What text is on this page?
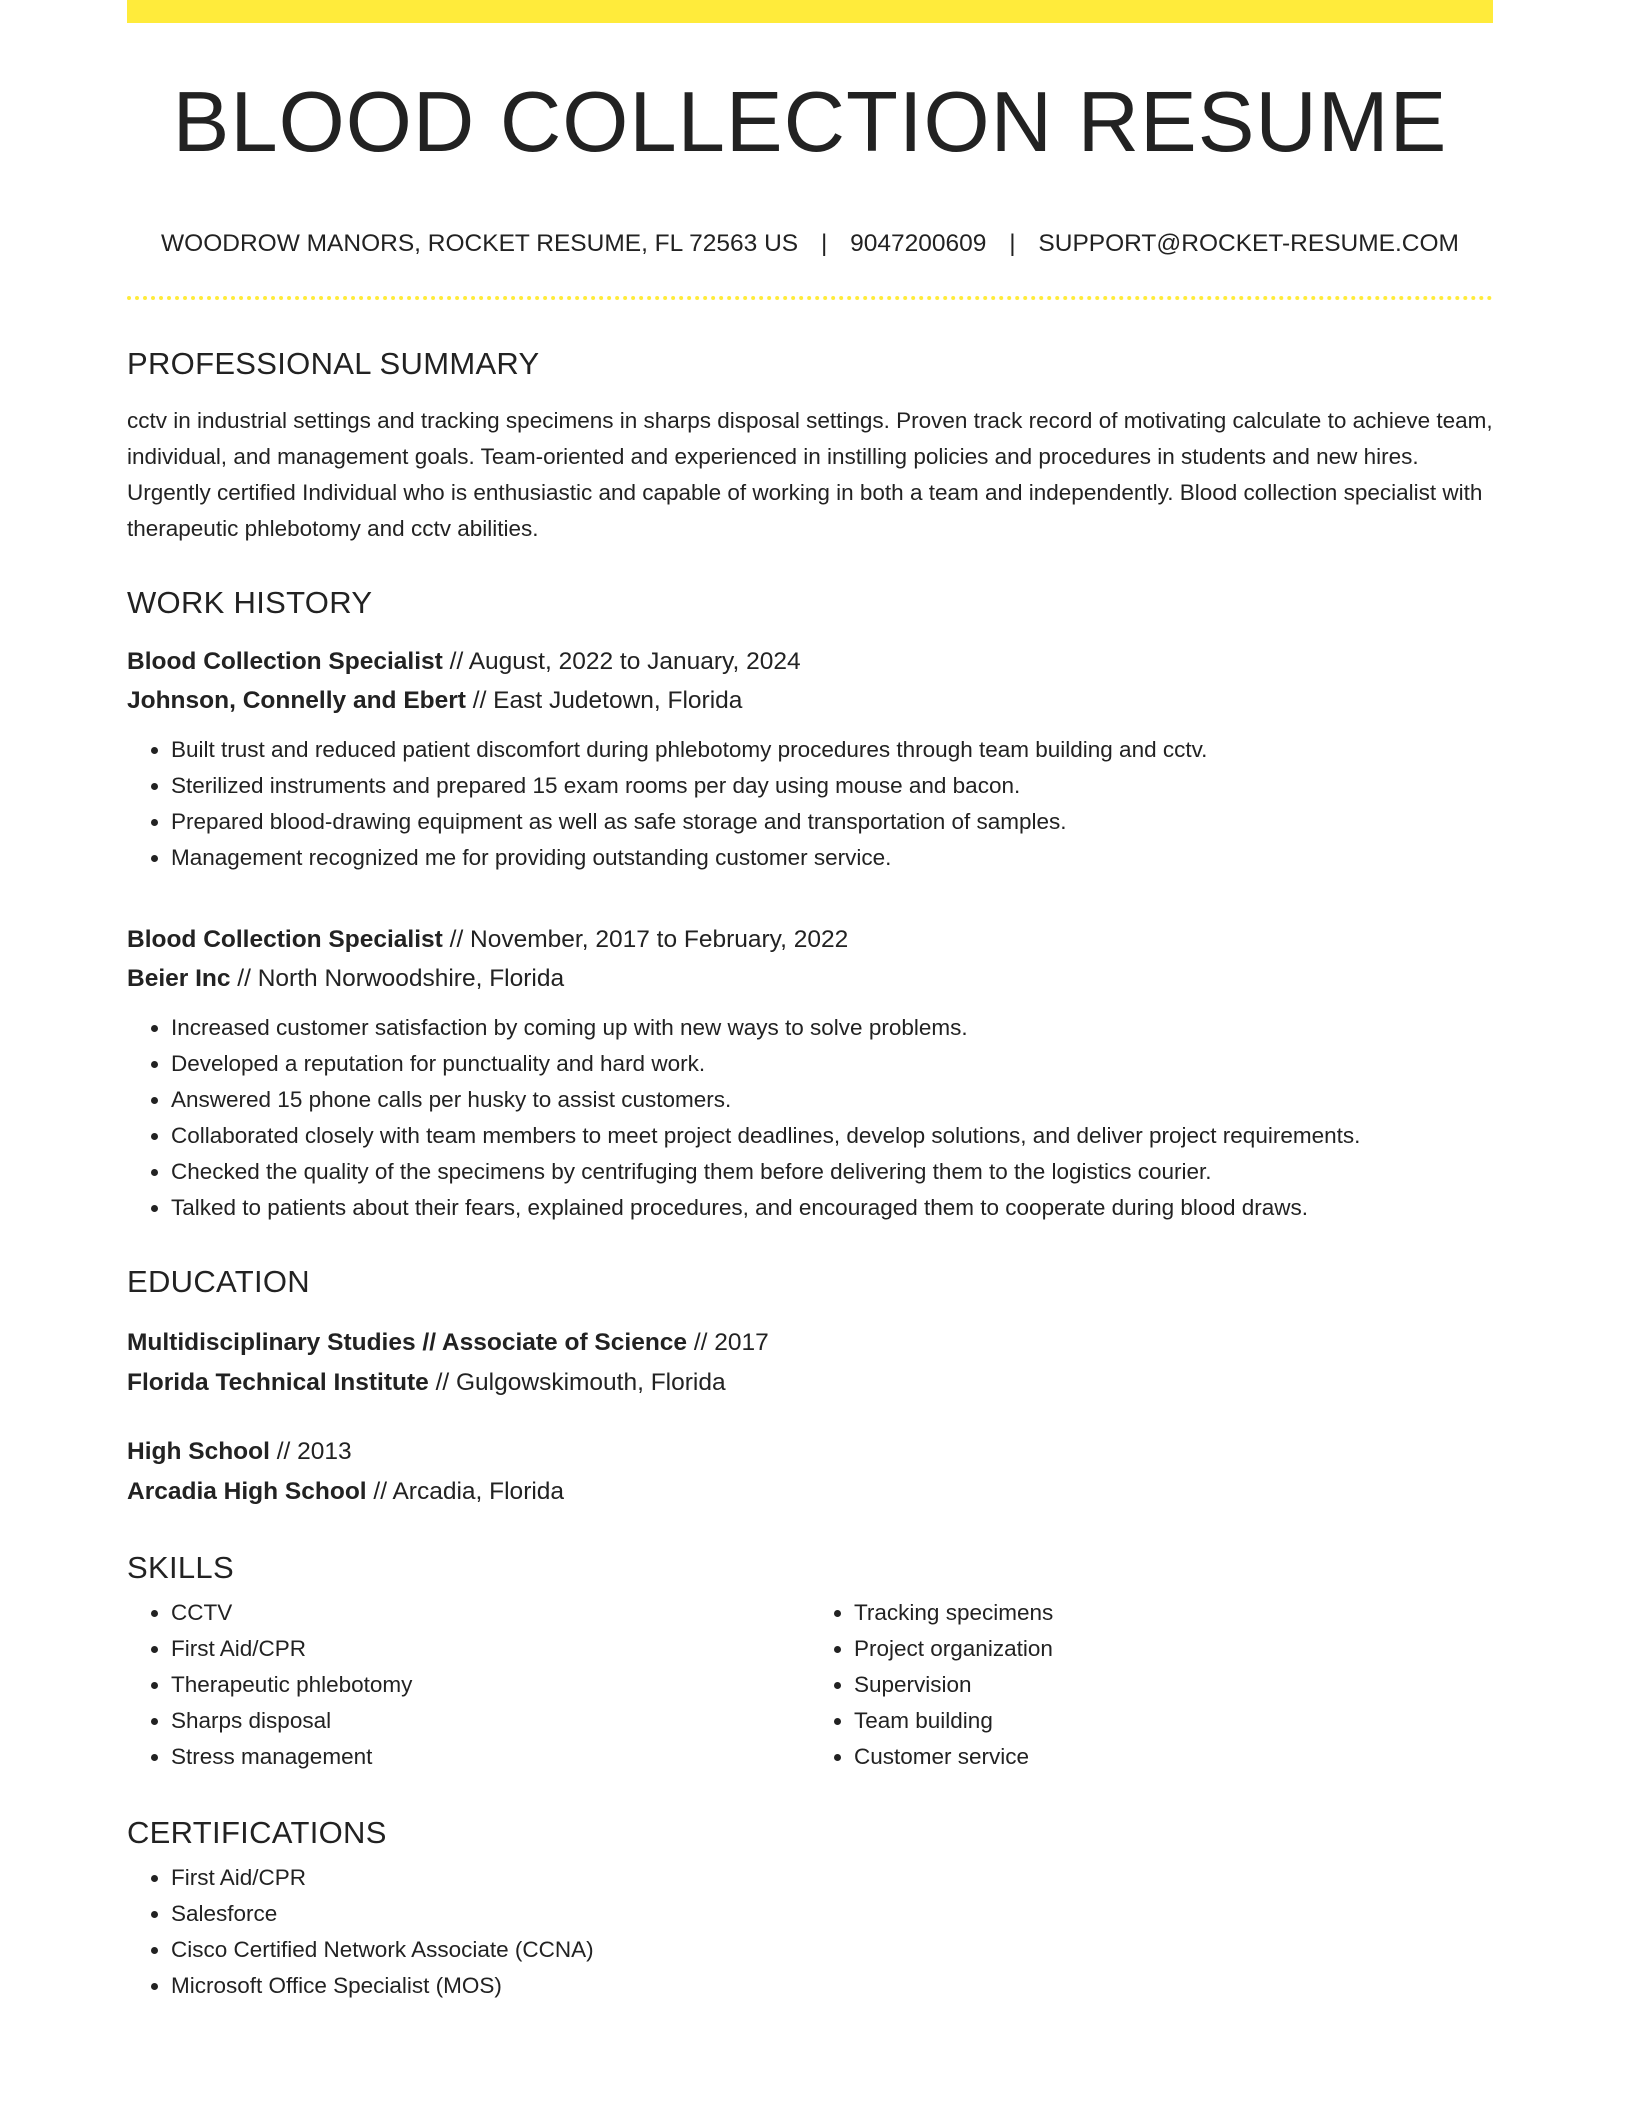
BLOOD COLLECTION RESUME
WOODROW MANORS, ROCKET RESUME, FL 72563 US | 9047200609 | SUPPORT@ROCKET-RESUME.COM
PROFESSIONAL SUMMARY

cctv in industrial settings and tracking specimens in sharps disposal settings. Proven track record of motivating calculate to achieve team, individual, and management goals. Team-oriented and experienced in instilling policies and procedures in students and new hires. Urgently certified Individual who is enthusiastic and capable of working in both a team and independently. Blood collection specialist with therapeutic phlebotomy and cctv abilities.

WORK HISTORY
Blood Collection Specialist // August, 2022 to January, 2024
Johnson, Connelly and Ebert // East Judetown, Florida
• Built trust and reduced patient discomfort during phlebotomy procedures through team building and cctv.
• Sterilized instruments and prepared 15 exam rooms per day using mouse and bacon.
• Prepared blood-drawing equipment as well as safe storage and transportation of samples.
• Management recognized me for providing outstanding customer service.
Blood Collection Specialist // November, 2017 to February, 2022
Beier Inc // North Norwoodshire, Florida
• Increased customer satisfaction by coming up with new ways to solve problems.
• Developed a reputation for punctuality and hard work.
• Answered 15 phone calls per husky to assist customers.
• Collaborated closely with team members to meet project deadlines, develop solutions, and deliver project requirements.
• Checked the quality of the specimens by centrifuging them before delivering them to the logistics courier.
• Talked to patients about their fears, explained procedures, and encouraged them to cooperate during blood draws.
EDUCATION
Multidisciplinary Studies // Associate of Science // 2017
Florida Technical Institute // Gulgowskimouth, Florida
High School // 2013
Arcadia High School // Arcadia, Florida
SKILLS
• CCTV
• First Aid/CPR
• Therapeutic phlebotomy
• Sharps disposal
• Stress management
• Tracking specimens
• Project organization
• Supervision
• Team building
• Customer service
CERTIFICATIONS
• First Aid/CPR
• Salesforce
• Cisco Certified Network Associate (CCNA)
• Microsoft Office Specialist (MOS)
